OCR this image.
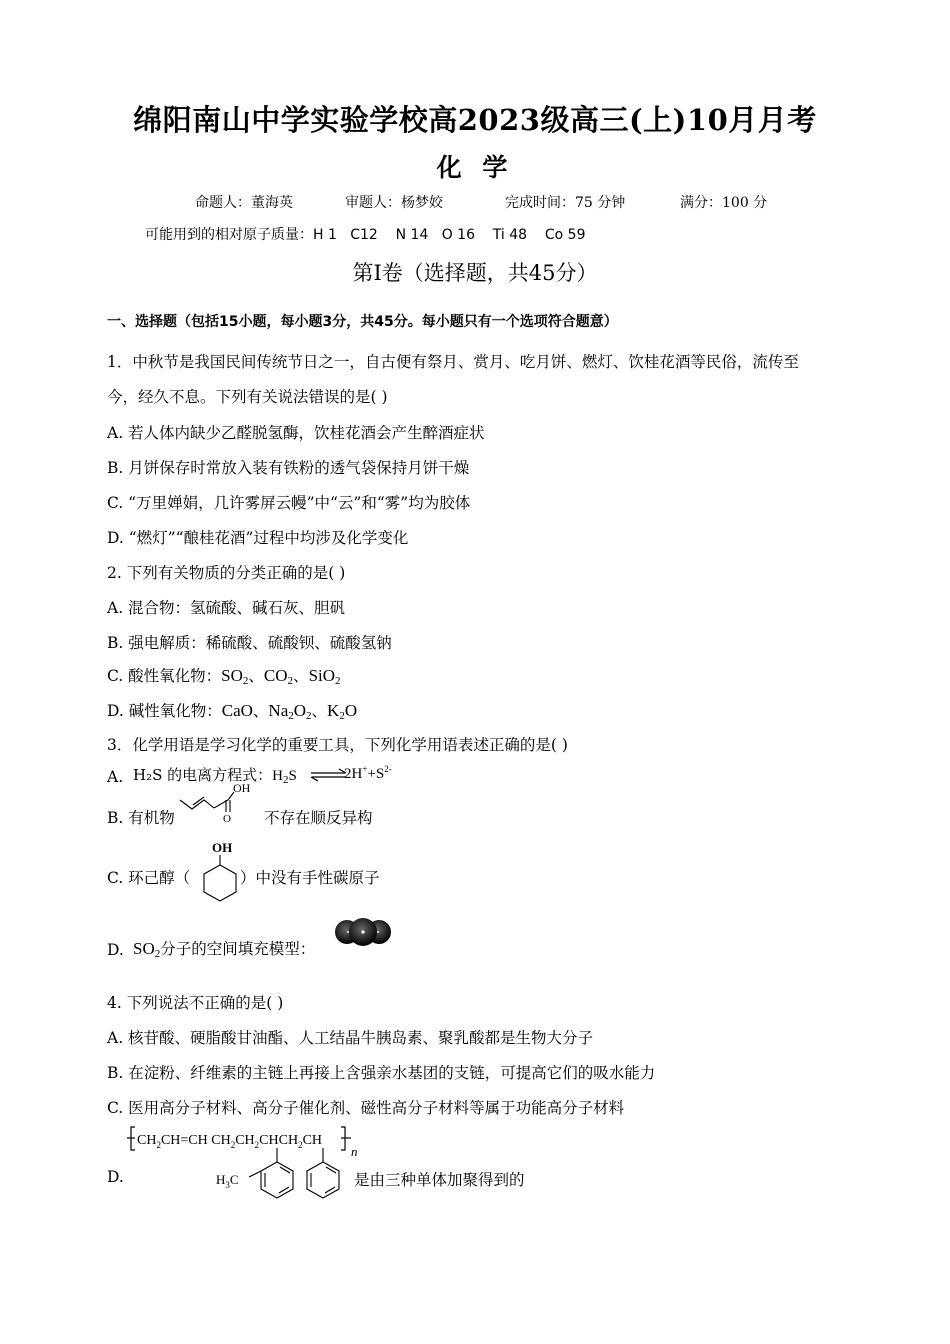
绵阳南山中学实验学校高2023级高三(上)10月月考
化 学
命题人：董海英	审题人：杨梦姣	完成时间：75 分钟	满分：100 分
可能用到的相对原子质量：H 1   C12    N 14   O 16    Ti 48    Co 59
第Ⅰ卷（选择题，共45分）
一、选择题（包括15小题，每小题3分，共45分。每小题只有一个选项符合题意）
1．中秋节是我国民间传统节日之一，自古便有祭月、赏月、吃月饼、燃灯、饮桂花酒等民俗，流传至
今，经久不息。下列有关说法错误的是( )
A. 若人体内缺少乙醛脱氢酶，饮桂花酒会产生醉酒症状
B. 月饼保存时常放入装有铁粉的透气袋保持月饼干燥
C. “万里婵娟，几许雾屏云幔”中“云”和“雾”均为胶体
D. “燃灯”“酿桂花酒”过程中均涉及化学变化
2. 下列有关物质的分类正确的是( )
A. 混合物：氢硫酸、碱石灰、胆矾
B. 强电解质：稀硫酸、硫酸钡、硫酸氢钠
C. 酸性氧化物：$SO_2$、$CO_2$、SiO$_2$
D. 碱性氧化物：CaO、$Na_2O_2$、$K_2O$
3．化学用语是学习化学的重要工具，下列化学用语表述正确的是( )
A. H₂S 的电离方程式：$H_2S$ ⇌
$2H^++S^{2-}$
B. 有机物
OH
O 不存在顺反异构
C. 环己醇（
OH
）中没有手性碳原子
D. $SO_2$分子的空间填充模型：
4. 下列说法不正确的是( )
A. 核苷酸、硬脂酸甘油酯、人工结晶牛胰岛素、聚乳酸都是生物大分子
B. 在淀粉、纤维素的主链上再接上含强亲水基团的支链，可提高它们的吸水能力
C. 医用高分子材料、高分子催化剂、磁性高分子材料等属于功能高分子材料
D.
$CH_2CH=CH$ $CH_2CH_2CHCH_2CH$
n
$H_3C$	是由三种单体加聚得到的
